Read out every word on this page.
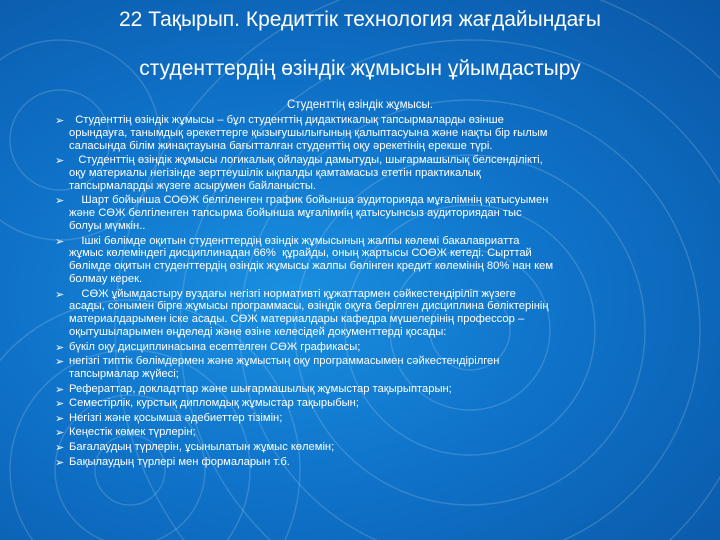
22 Тақырып. Кредиттік технология жағдайындағы
студенттердің өзіндік жұмысын ұйымдастыру
Студенттің өзіндік жұмысы.
➢ Студенттің өзіндік жұмысы – бұл студенттің дидактикалық тапсырмаларды өзінше
орындауға, танымдық әрекеттерге қызығушылығының қалыптасуына және нақты бір ғылым
саласында білім жинақтауына бағытталған студенттің оқу әрекетінің ерекше түрі.
➢ Студенттің өзіндік жұмысы логикалық ойлауды дамытуды, шығармашылық белсенділікті,
оқу материалы негізінде зерттеушілік ықпалды қамтамасыз ететін практикалық
тапсырмаларды жүзеге асырумен байланысты.
➢ Шарт бойынша СОӨЖ белгіленген график бойынша аудиторияда мұғалімнің қатысуымен
және СӨЖ белгіленген тапсырма бойынша мұғалімнің қатысуынсыз аудиториядан тыс
болуы мүмкін..
➢ Ішкі бөлімде оқитын студенттердің өзіндік жұмысының жалпы көлемі бакалавриатта
жұмыс көлеміндегі дисциплинадан 66%  құрайды, оның жартысы СОӨЖ кетеді. Сырттай
бөлімде оқитын студенттердің өзіндік жұмысы жалпы бөлінген кредит көлемінің 80% нан кем
болмау керек.
➢ СӨЖ ұйымдастыру вуздағы негізгі нормативті құжаттармен сәйкестендіріліп жүзеге
асады, сонымен бірге жұмысы программасы, өзіндік оқуға берілген дисциплина бөліктерінің
материалдарымен іске асады. СӨЖ материалдары кафедра мүшелерінің профессор –
оқытушыларымен өңделеді және өзіне келесідей документтерді қосады:
➢ бүкіл оқу дисциплинасына есептелген СӨЖ графикасы;
➢ негізгі типтік бөлімдермен және жұмыстың оқу программасымен сәйкестендірілген
тапсырмалар жүйесі;
➢ Рефераттар, докладттар және шығармашылық жұмыстар тақырыптарын;
➢ Семестірлік, курстық дипломдық жұмыстар тақырыбын;
➢ Негізгі және қосымша әдебиеттер тізімін;
➢ Кеңестік көмек түрлерін;
➢ Бағалаудың түрлерін, ұсынылатын жұмыс көлемін;
➢ Бақылаудың түрлері мен формаларын т.б.
